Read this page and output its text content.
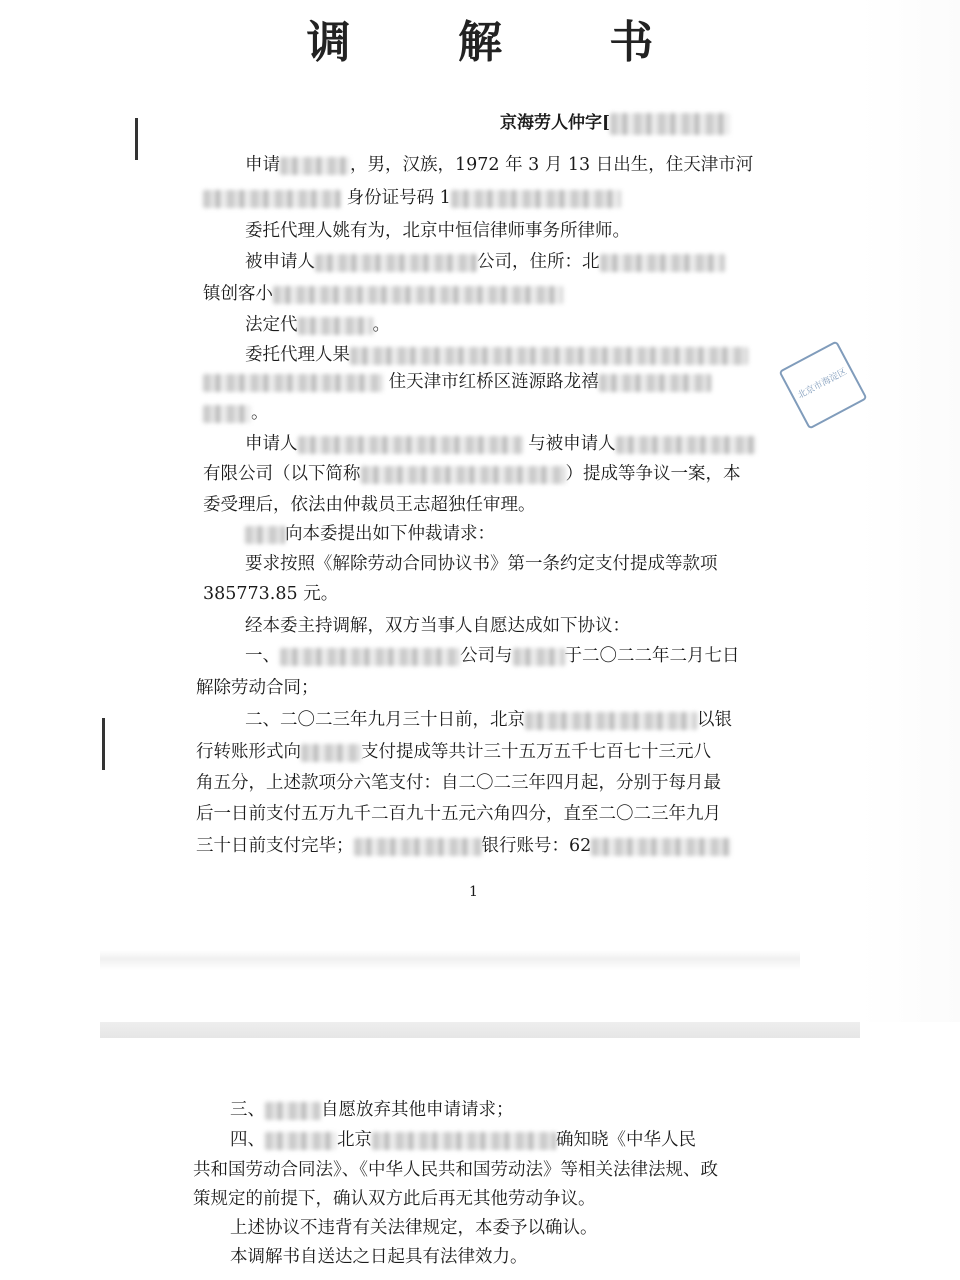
调 解 书
京海劳人仲字[
北京市海淀区
申请	，男，汉族，1972 年 3 月 13 日出生，住天津市河
身份证号码 1
委托代理人姚有为，北京中恒信律师事务所律师。
被申请人	公司，住所：北
镇创客小
法定代	。
委托代理人果
住天津市红桥区涟源路龙禧
。
申请人	与被申请人
有限公司（以下简称	）提成等争议一案，本
委受理后，依法由仲裁员王志超独任审理。
向本委提出如下仲裁请求：
要求按照《解除劳动合同协议书》第一条约定支付提成等款项
385773.85 元。
经本委主持调解，双方当事人自愿达成如下协议：
一、	公司与	于二〇二二年二月七日
解除劳动合同；
二、二〇二三年九月三十日前，北京	以银
行转账形式向	支付提成等共计三十五万五千七百七十三元八
角五分，上述款项分六笔支付：自二〇二三年四月起，分别于每月最
后一日前支付五万九千二百九十五元六角四分，直至二〇二三年九月
三十日前支付完毕；	银行账号：62
1
三、	自愿放弃其他申请请求；
四、	北京	确知晓《中华人民
共和国劳动合同法》、《中华人民共和国劳动法》等相关法律法规、政
策规定的前提下，确认双方此后再无其他劳动争议。
上述协议不违背有关法律规定，本委予以确认。
本调解书自送达之日起具有法律效力。
